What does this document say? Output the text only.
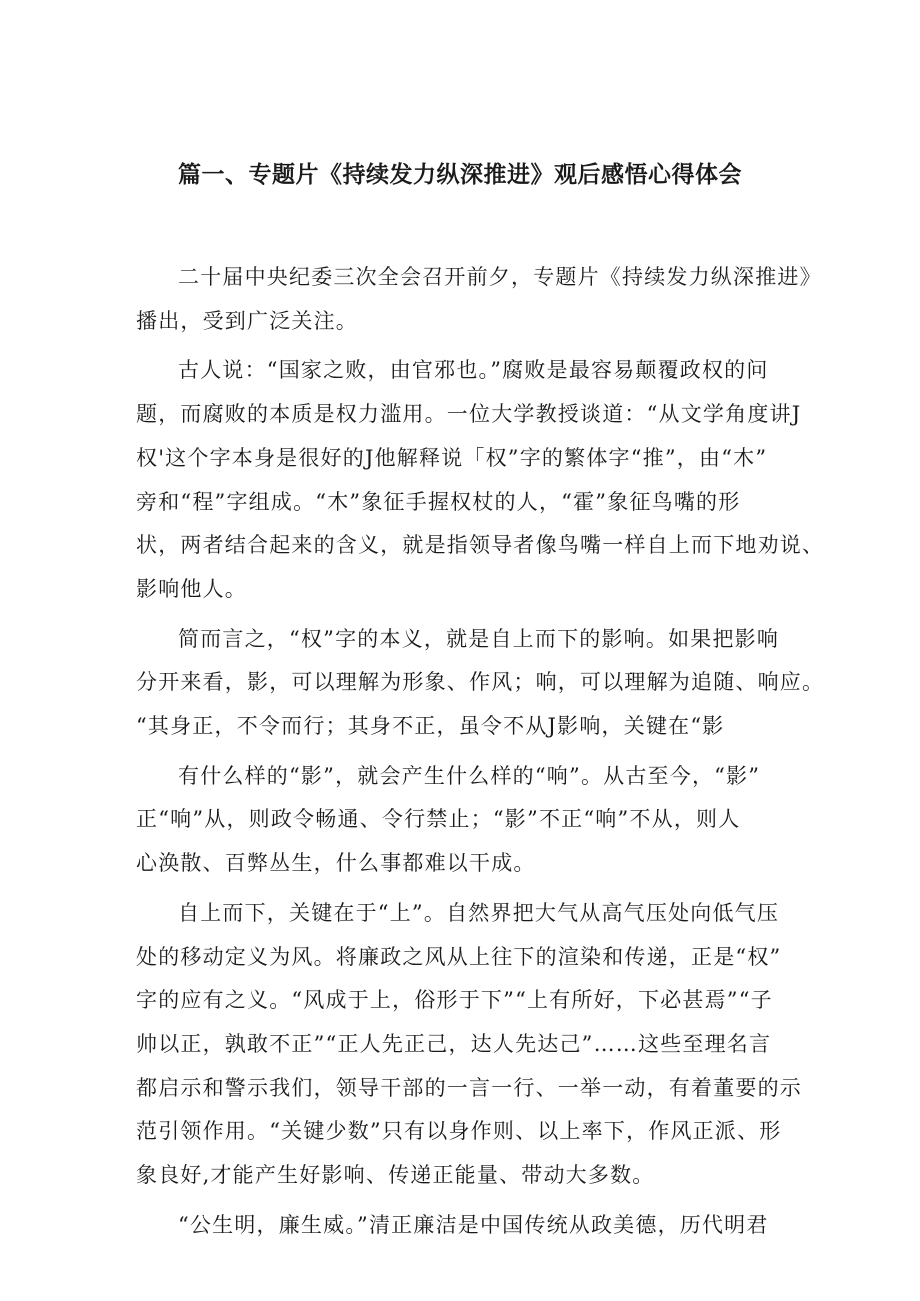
篇一、专题片《持续发力纵深推进》观后感悟心得体会

二十届中央纪委三次全会召开前夕，专题片《持续发力纵深推进》
播出，受到广泛关注。

古人说：“国家之败，由官邪也。”腐败是最容易颠覆政权的问
题，而腐败的本质是权力滥用。一位大学教授谈道：“从文学角度讲J
权'这个字本身是很好的J他解释说「权”字的繁体字“推”，由“木”
旁和“程”字组成。“木”象征手握权杖的人，“霍”象征鸟嘴的形
状，两者结合起来的含义，就是指领导者像鸟嘴一样自上而下地劝说、
影响他人。

简而言之，“权”字的本义，就是自上而下的影响。如果把影响
分开来看，影，可以理解为形象、作风；响，可以理解为追随、响应。
“其身正，不令而行；其身不正，虽令不从J影响，关键在“影

有什么样的“影”，就会产生什么样的“响”。从古至今，“影”
正“响”从，则政令畅通、令行禁止；“影”不正“响”不从，则人
心涣散、百弊丛生，什么事都难以干成。

自上而下，关键在于“上”。自然界把大气从高气压处向低气压
处的移动定义为风。将廉政之风从上往下的渲染和传递，正是“权”
字的应有之义。“风成于上，俗形于下”“上有所好，下必甚焉”“子
帅以正，孰敢不正”“正人先正己，达人先达己”……这些至理名言
都启示和警示我们，领导干部的一言一行、一举一动，有着董要的示
范引领作用。“关键少数”只有以身作则、以上率下，作风正派、形
象良好,才能产生好影响、传递正能量、带动大多数。

“公生明，廉生威。”清正廉洁是中国传统从政美德，历代明君
